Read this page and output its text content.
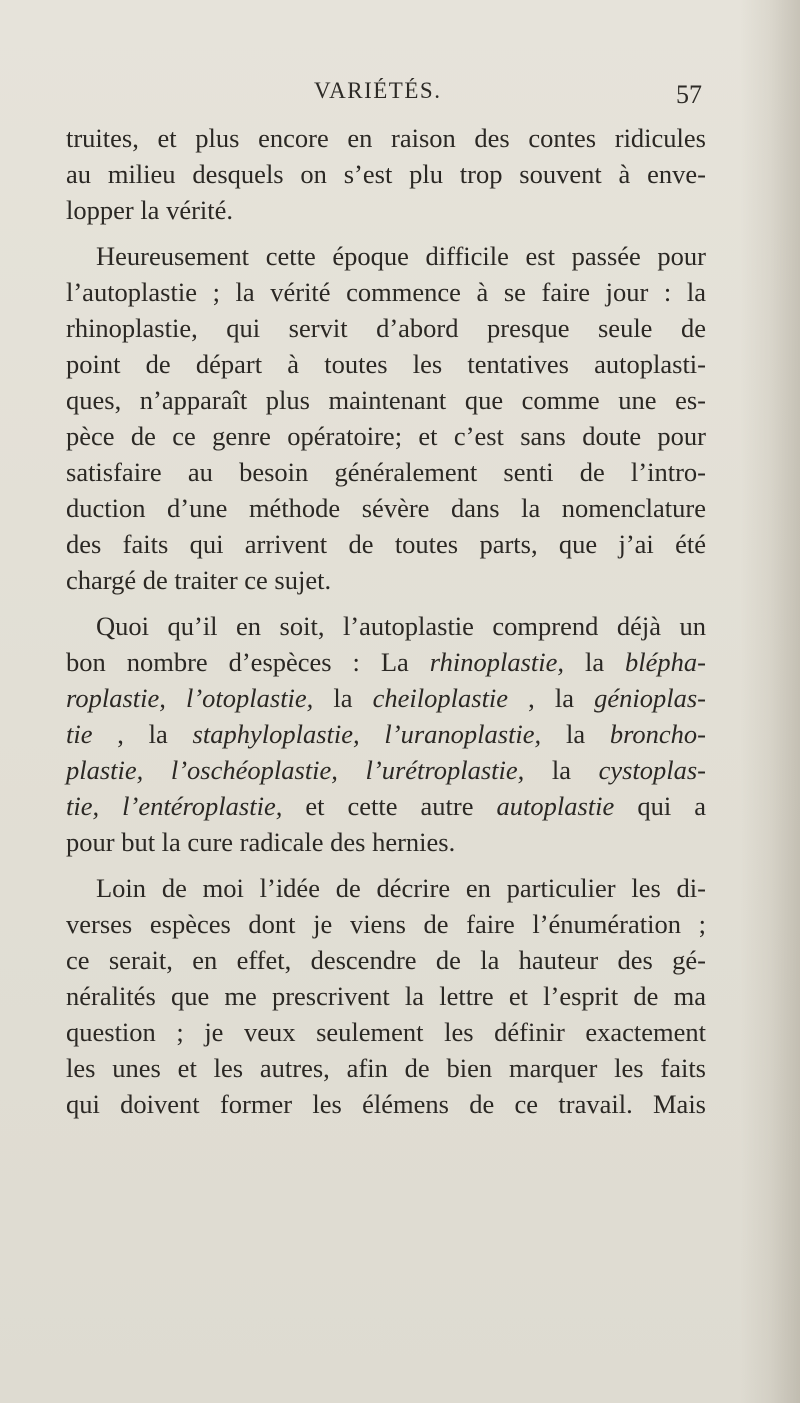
VARIÉTÉS.	57
truites, et plus encore en raison des contes ridicules
au milieu desquels on s’est plu trop souvent à enve-
lopper la vérité.
Heureusement cette époque difficile est passée pour
l’autoplastie ; la vérité commence à se faire jour : la
rhinoplastie, qui servit d’abord presque seule de
point de départ à toutes les tentatives autoplasti-
ques, n’apparaît plus maintenant que comme une es-
pèce de ce genre opératoire; et c’est sans doute pour
satisfaire au besoin généralement senti de l’intro-
duction d’une méthode sévère dans la nomenclature
des faits qui arrivent de toutes parts, que j’ai été
chargé de traiter ce sujet.
Quoi qu’il en soit, l’autoplastie comprend déjà un
bon nombre d’espèces : La rhinoplastie, la blépha-
roplastie, l’otoplastie, la cheiloplastie , la génioplas-
tie , la staphyloplastie, l’uranoplastie, la broncho-
plastie, l’oschéoplastie, l’urétroplastie, la cystoplas-
tie, l’entéroplastie, et cette autre autoplastie qui a
pour but la cure radicale des hernies.
Loin de moi l’idée de décrire en particulier les di-
verses espèces dont je viens de faire l’énumération ;
ce serait, en effet, descendre de la hauteur des gé-
néralités que me prescrivent la lettre et l’esprit de ma
question ; je veux seulement les définir exactement
les unes et les autres, afin de bien marquer les faits
qui doivent former les élémens de ce travail. Mais
